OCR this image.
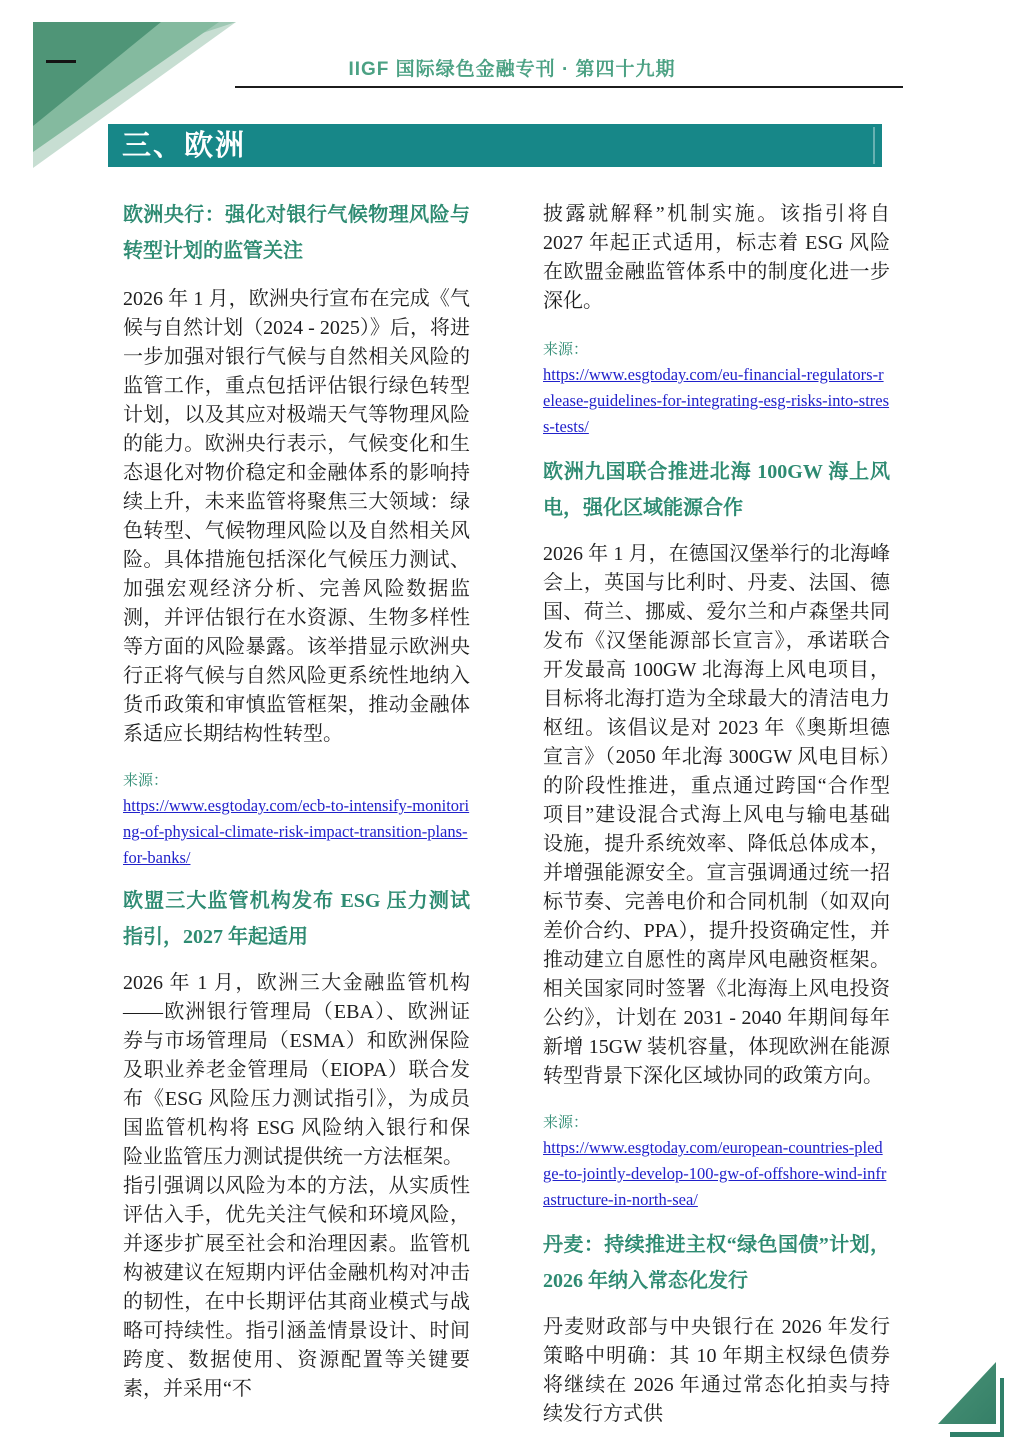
IIGF 国际绿色金融专刊 · 第四十九期
三、欧洲
欧洲央行：强化对银行气候物理风险与转型计划的监管关注

2026 年 1 月，欧洲央行宣布在完成《气候与自然计划（2024 - 2025）》后，将进一步加强对银行气候与自然相关风险的监管工作，重点包括评估银行绿色转型计划，以及其应对极端天气等物理风险的能力。欧洲央行表示，气候变化和生态退化对物价稳定和金融体系的影响持续上升，未来监管将聚焦三大领域：绿色转型、气候物理风险以及自然相关风险。具体措施包括深化气候压力测试、加强宏观经济分析、完善风险数据监测，并评估银行在水资源、生物多样性等方面的风险暴露。该举措显示欧洲央行正将气候与自然风险更系统性地纳入货币政策和审慎监管框架，推动金融体系适应长期结构性转型。

来源：

https://www.esgtoday.com/ecb-to-intensify-monitoring-of-physical-climate-risk-impact-transition-plans-for-banks/
欧盟三大监管机构发布 ESG 压力测试指引，2027 年起适用

2026 年 1 月，欧洲三大金融监管机构——欧洲银行管理局（EBA）、欧洲证券与市场管理局（ESMA）和欧洲保险及职业养老金管理局（EIOPA）联合发布《ESG 风险压力测试指引》，为成员国监管机构将 ESG 风险纳入银行和保险业监管压力测试提供统一方法框架。

指引强调以风险为本的方法，从实质性评估入手，优先关注气候和环境风险，并逐步扩展至社会和治理因素。监管机构被建议在短期内评估金融机构对冲击的韧性，在中长期评估其商业模式与战略可持续性。指引涵盖情景设计、时间跨度、数据使用、资源配置等关键要素，并采用“不

披露就解释”机制实施。该指引将自 2027 年起正式适用，标志着 ESG 风险在欧盟金融监管体系中的制度化进一步深化。

来源：

https://www.esgtoday.com/eu-financial-regulators-release-guidelines-for-integrating-esg-risks-into-stress-tests/
欧洲九国联合推进北海 100GW 海上风电，强化区域能源合作

2026 年 1 月，在德国汉堡举行的北海峰会上，英国与比利时、丹麦、法国、德国、荷兰、挪威、爱尔兰和卢森堡共同发布《汉堡能源部长宣言》，承诺联合开发最高 100GW 北海海上风电项目，目标将北海打造为全球最大的清洁电力枢纽。该倡议是对 2023 年《奥斯坦德宣言》（2050 年北海 300GW 风电目标）的阶段性推进，重点通过跨国“合作型项目”建设混合式海上风电与输电基础设施，提升系统效率、降低总体成本，并增强能源安全。宣言强调通过统一招标节奏、完善电价和合同机制（如双向差价合约、PPA），提升投资确定性，并推动建立自愿性的离岸风电融资框架。相关国家同时签署《北海海上风电投资公约》，计划在 2031 - 2040 年期间每年新增 15GW 装机容量，体现欧洲在能源转型背景下深化区域协同的政策方向。

来源：

https://www.esgtoday.com/european-countries-pledge-to-jointly-develop-100-gw-of-offshore-wind-infrastructure-in-north-sea/
丹麦：持续推进主权“绿色国债”计划，2026 年纳入常态化发行

丹麦财政部与中央银行在 2026 年发行策略中明确：其 10 年期主权绿色债券将继续在 2026 年通过常态化拍卖与持续发行方式供
